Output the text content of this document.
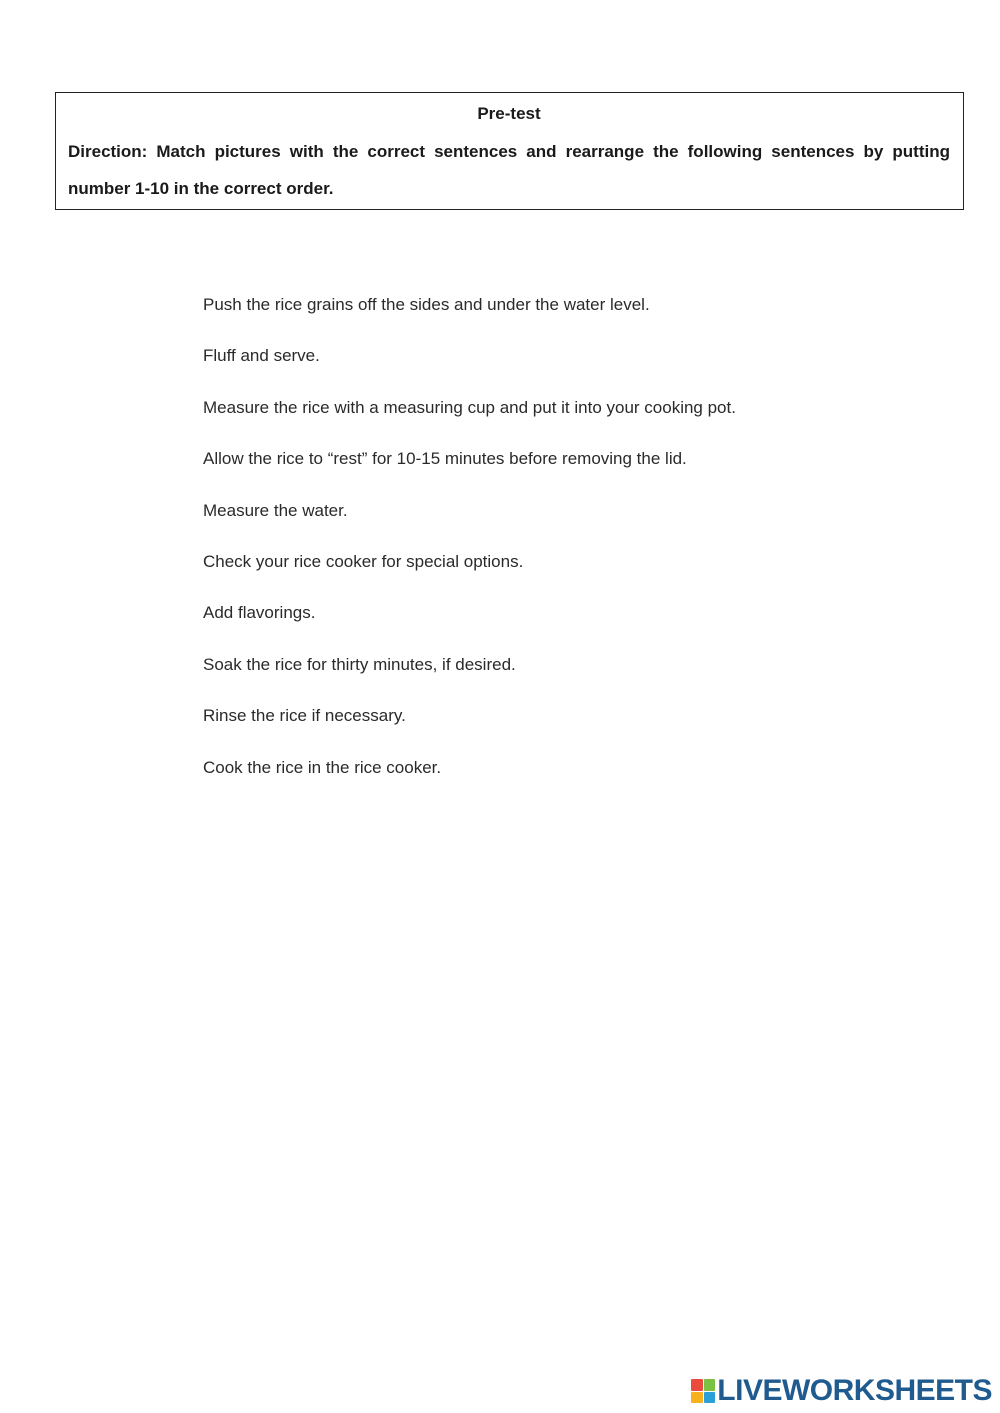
Pre-test

Direction: Match pictures with the correct sentences and rearrange the following sentences by putting number 1-10 in the correct order.

Push the rice grains off the sides and under the water level.
Fluff and serve.
Measure the rice with a measuring cup and put it into your cooking pot.
Allow the rice to “rest” for 10-15 minutes before removing the lid.
Measure the water.
Check your rice cooker for special options.
Add flavorings.
Soak the rice for thirty minutes, if desired.
Rinse the rice if necessary.
Cook the rice in the rice cooker.
LIVEWORKSHEETS
